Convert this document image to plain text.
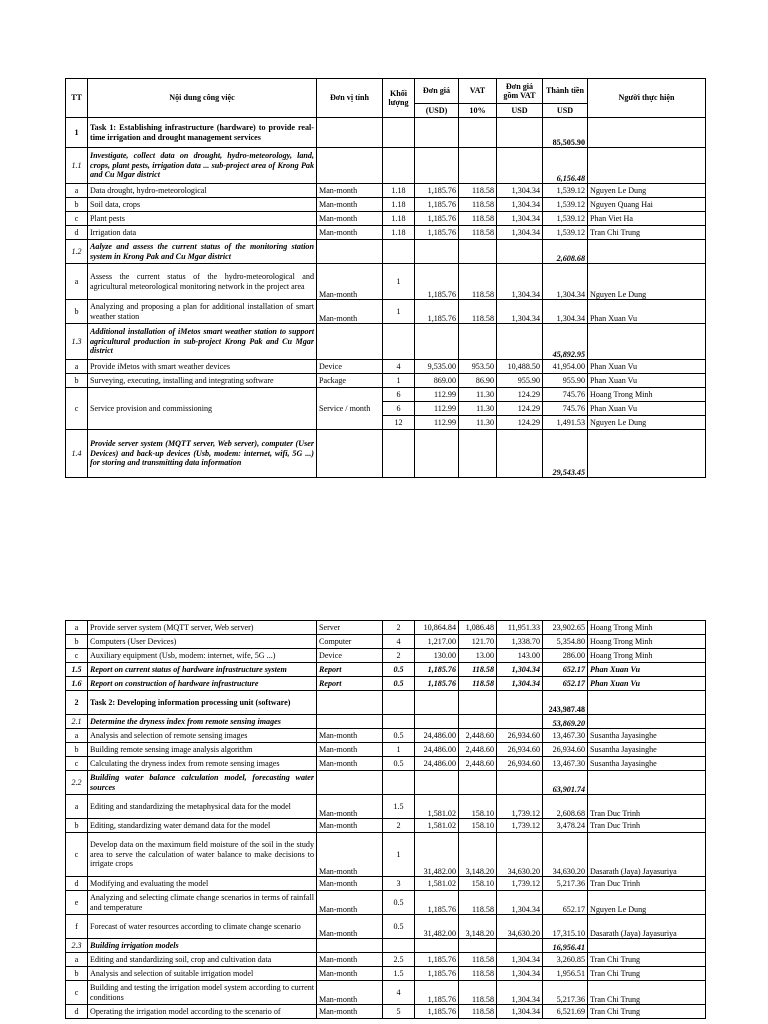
TT	Nội dung công việc	Đơn vị tính	Khối lượng	Đơn giá	VAT	Đơn giá gồm VAT	Thành tiền	Người thực hiện
				(USD)	10%	USD	USD	
1	Task 1: Establishing infrastructure (hardware) to provide real-time irrigation and drought management services						85,505.90	
1.1	Investigate, collect data on drought, hydro-meteorology, land, crops, plant pests, irrigation data ... sub-project area of Krong Pak and Cu Mgar district						6,156.48	
a	Data drought, hydro-meteorological	Man-month	1.18	1,185.76	118.58	1,304.34	1,539.12	Nguyen Le Dung
b	Soil data, crops	Man-month	1.18	1,185.76	118.58	1,304.34	1,539.12	Nguyen Quang Hai
c	Plant pests	Man-month	1.18	1,185.76	118.58	1,304.34	1,539.12	Phan Viet Ha
d	Irrigation data	Man-month	1.18	1,185.76	118.58	1,304.34	1,539.12	Tran Chi Trung
1.2	Aalyze and assess the current status of the monitoring station system in Krong Pak and Cu Mgar district						2,608.68	
a	Assess the current status of the hydro-meteorological and agricultural meteorological monitoring network in the project area	Man-month	1	1,185.76	118.58	1,304.34	1,304.34	Nguyen Le Dung
b	Analyzing and proposing a plan for additional installation of smart weather station	Man-month	1	1,185.76	118.58	1,304.34	1,304.34	Phan Xuan Vu
1.3	Additional installation of iMetos smart weather station to support agricultural production in sub-project Krong Pak and Cu Mgar district						45,892.95	
a	Provide iMetos with smart weather devices	Device	4	9,535.00	953.50	10,488.50	41,954.00	Phan Xuan Vu
b	Surveying, executing, installing and integrating software	Package	1	869.00	86.90	955.90	955.90	Phan Xuan Vu
c	Service provision and commissioning	Service / month	6	112.99	11.30	124.29	745.76	Hoang Trong Minh
			6	112.99	11.30	124.29	745.76	Phan Xuan Vu
			12	112.99	11.30	124.29	1,491.53	Nguyen Le Dung
1.4	Provide server system (MQTT server, Web server), computer (User Devices) and back-up devices (Usb, modem: internet, wifi, 5G ...) for storing and transmitting data information						29,543.45	
a	Provide server system (MQTT server, Web server)	Server	2	10,864.84	1,086.48	11,951.33	23,902.65	Hoang Trong Minh
b	Computers (User Devices)	Computer	4	1,217.00	121.70	1,338.70	5,354.80	Hoang Trong Minh
c	Auxiliary equipment (Usb, modem: internet, wife, 5G ...)	Device	2	130.00	13.00	143.00	286.00	Hoang Trong Minh
1.5	Report on current status of hardware infrastructure system	Report	0.5	1,185.76	118.58	1,304.34	652.17	Phan Xuan Vu
1.6	Report on construction of hardware infrastructure	Report	0.5	1,185.76	118.58	1,304.34	652.17	Phan Xuan Vu
2	Task 2: Developing information processing unit (software)						243,987.48	
2.1	Determine the dryness index from remote sensing images						53,869.20	
a	Analysis and selection of remote sensing images	Man-month	0.5	24,486.00	2,448.60	26,934.60	13,467.30	Susantha Jayasinghe
b	Building remote sensing image analysis algorithm	Man-month	1	24,486.00	2,448.60	26,934.60	26,934.60	Susantha Jayasinghe
c	Calculating the dryness index from remote sensing images	Man-month	0.5	24,486.00	2,448.60	26,934.60	13,467.30	Susantha Jayasinghe
2.2	Building water balance calculation model, forecasting water sources						63,901.74	
a	Editing and standardizing the metaphysical data for the model	Man-month	1.5	1,581.02	158.10	1,739.12	2,608.68	Tran Duc Trinh
b	Editing, standardizing water demand data for the model	Man-month	2	1,581.02	158.10	1,739.12	3,478.24	Tran Duc Trinh
c	Develop data on the maximum field moisture of the soil in the study area to serve the calculation of water balance to make decisions to irrigate crops	Man-month	1	31,482.00	3,148.20	34,630.20	34,630.20	Dasarath (Jaya) Jayasuriya
d	Modifying and evaluating the model	Man-month	3	1,581.02	158.10	1,739.12	5,217.36	Tran Duc Trinh
e	Analyzing and selecting climate change scenarios in terms of rainfall and temperature	Man-month	0.5	1,185.76	118.58	1,304.34	652.17	Nguyen Le Dung
f	Forecast of water resources according to climate change scenario	Man-month	0.5	31,482.00	3,148.20	34,630.20	17,315.10	Dasarath (Jaya) Jayasuriya
2.3	Building irrigation models						16,956.41	
a	Editing and standardizing soil, crop and cultivation data	Man-month	2.5	1,185.76	118.58	1,304.34	3,260.85	Tran Chi Trung
b	Analysis and selection of suitable irrigation model	Man-month	1.5	1,185.76	118.58	1,304.34	1,956.51	Tran Chi Trung
c	Building and testing the irrigation model system according to current conditions	Man-month	4	1,185.76	118.58	1,304.34	5,217.36	Tran Chi Trung
d	Operating the irrigation model according to the scenario of	Man-month	5	1,185.76	118.58	1,304.34	6,521.69	Tran Chi Trung
